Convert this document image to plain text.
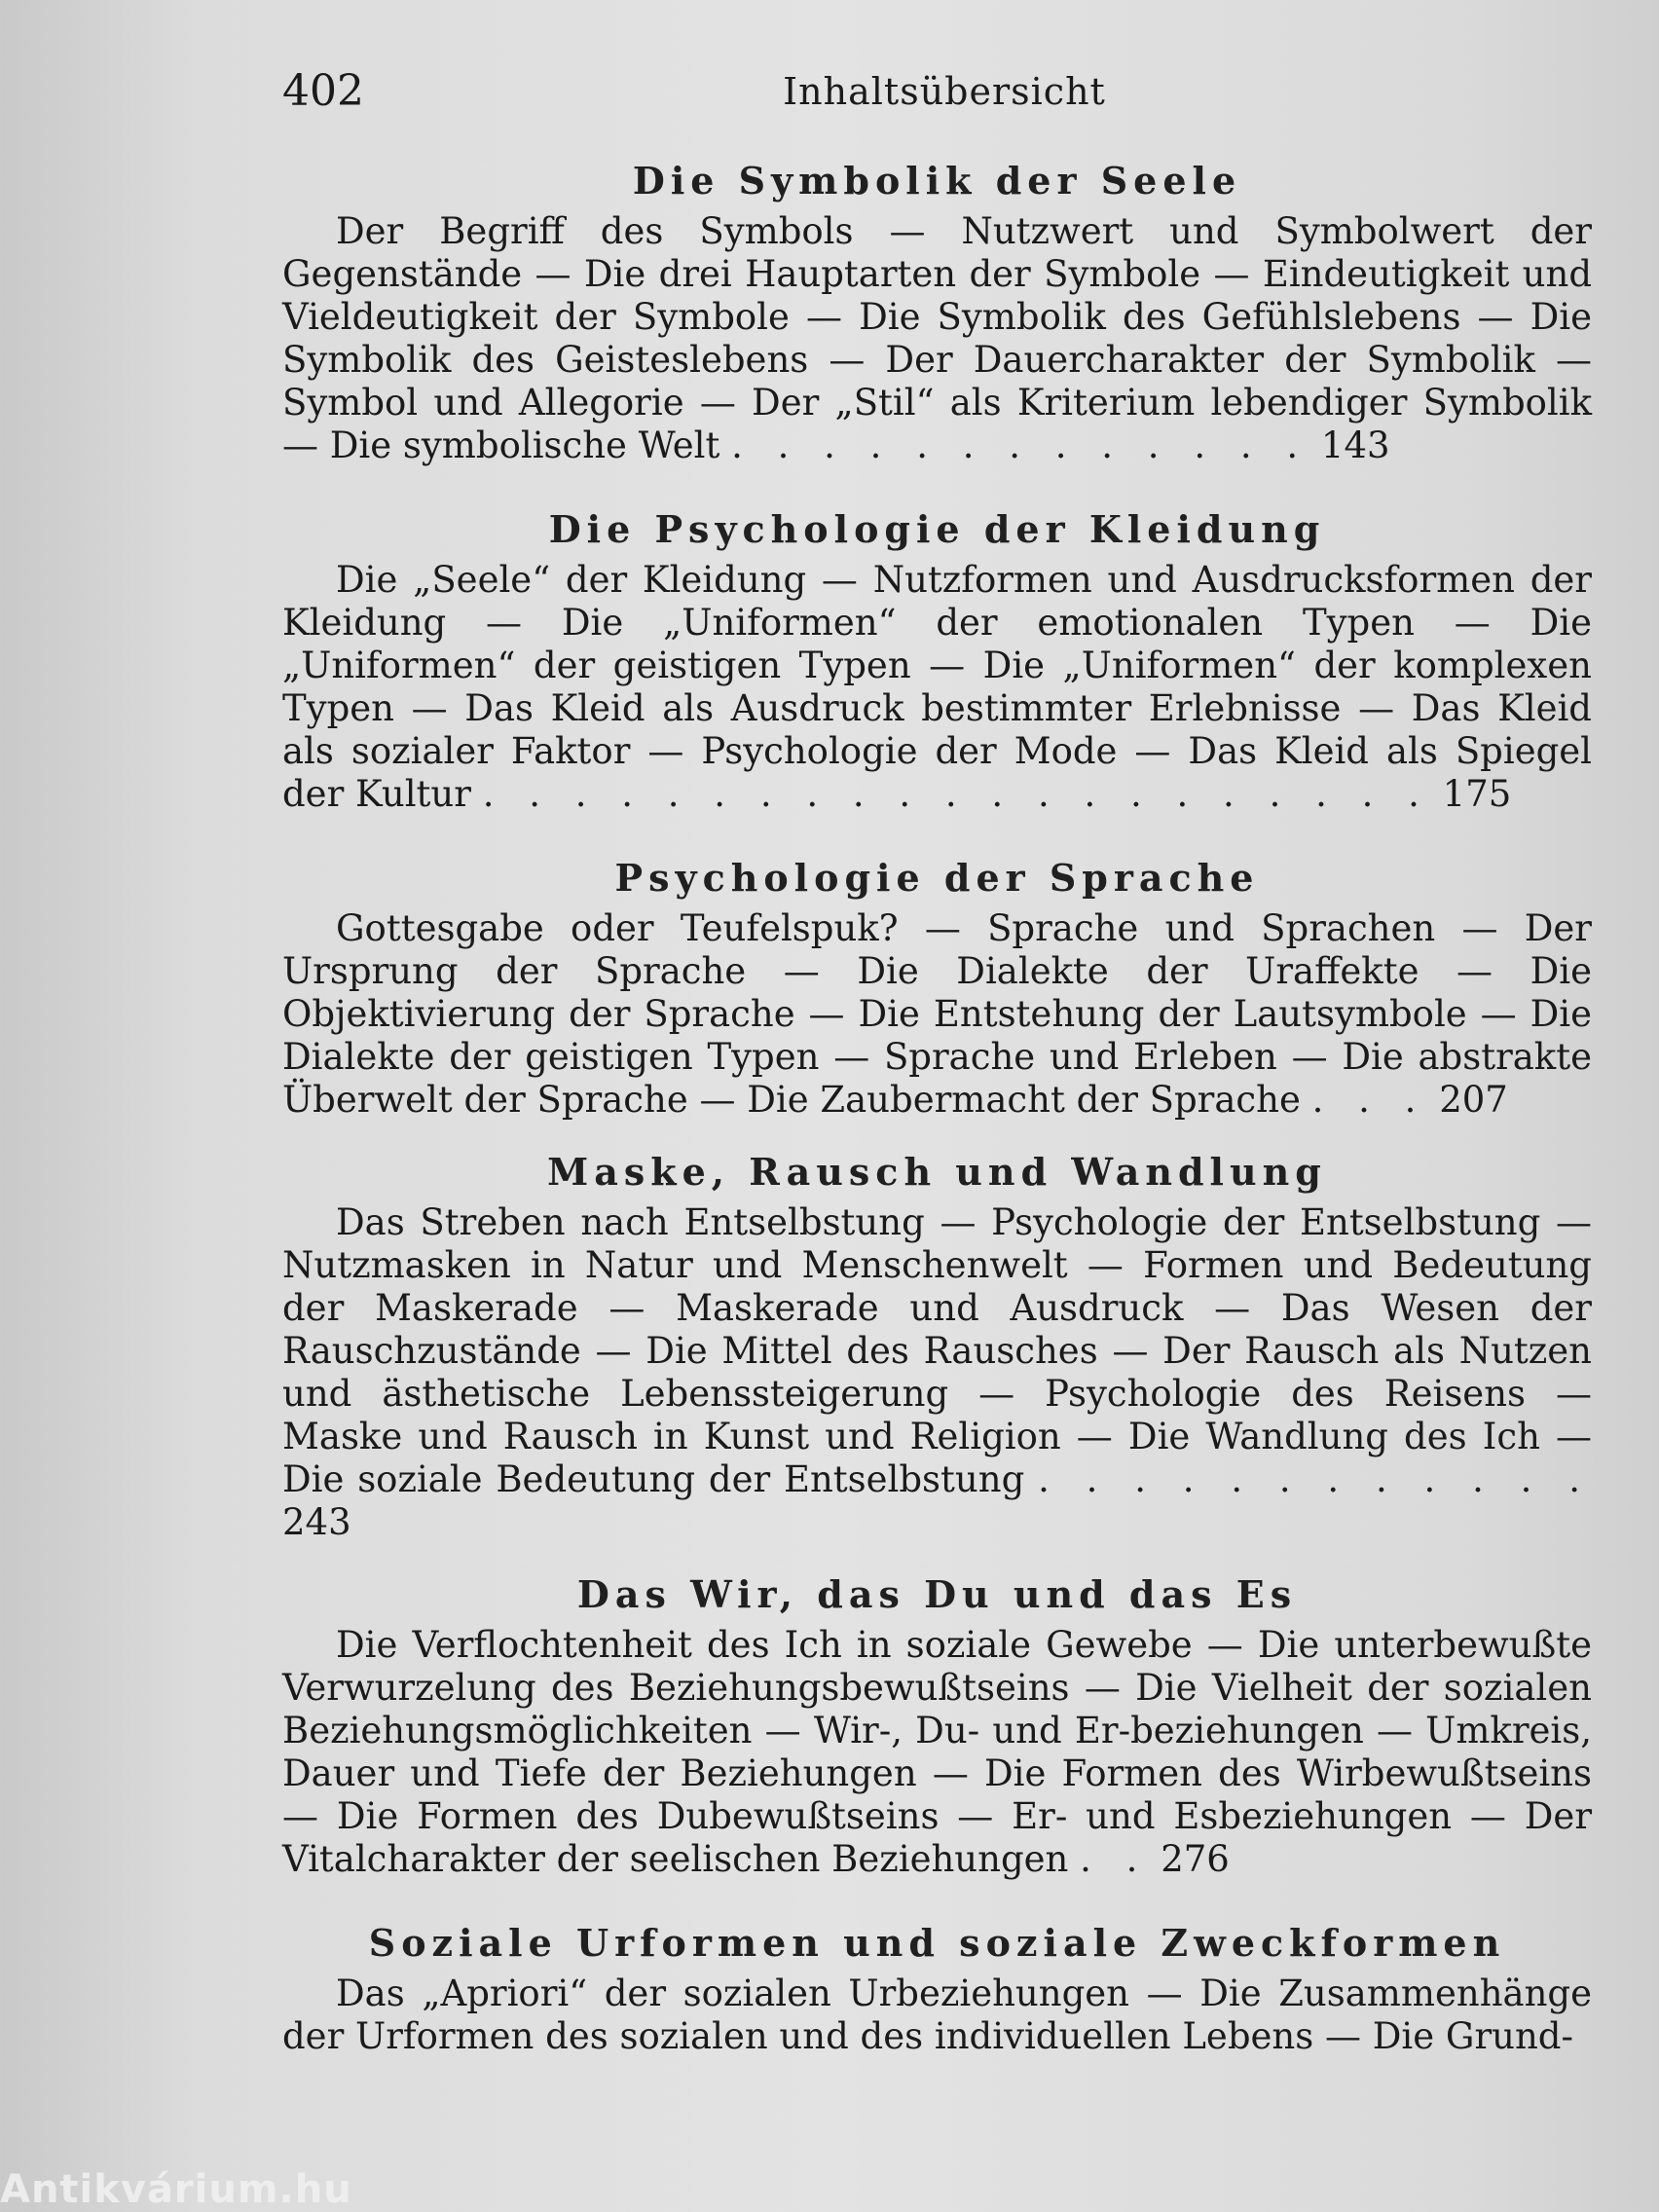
402	Inhaltsübersicht
Die Symbolik der Seele

Der Begriff des Symbols — Nutzwert und Symbolwert der Gegenstände — Die drei Hauptarten der Symbole — Eindeutigkeit und Vieldeutigkeit der Symbole — Die Symbolik des Gefühlslebens — Die Symbolik des Geisteslebens — Der Dauercharakter der Symbolik — Symbol und Allegorie — Der „Stil“ als Kriterium lebendiger Symbolik — Die symbolische Welt . . . . . . . . . . . . . 143

Die Psychologie der Kleidung

Die „Seele“ der Kleidung — Nutzformen und Ausdrucksformen der Kleidung — Die „Uniformen“ der emotionalen Typen — Die „Uniformen“ der geistigen Typen — Die „Uniformen“ der komplexen Typen — Das Kleid als Ausdruck bestimmter Erlebnisse — Das Kleid als sozialer Faktor — Psychologie der Mode — Das Kleid als Spiegel der Kultur . . . . . . . . . . . . . . . . . . . . . 175

Psychologie der Sprache

Gottesgabe oder Teufelspuk? — Sprache und Sprachen — Der Ursprung der Sprache — Die Dialekte der Uraffekte — Die Objektivierung der Sprache — Die Entstehung der Lautsymbole — Die Dialekte der geistigen Typen — Sprache und Erleben — Die abstrakte Überwelt der Sprache — Die Zaubermacht der Sprache . . . 207

Maske, Rausch und Wandlung

Das Streben nach Entselbstung — Psychologie der Entselbstung — Nutzmasken in Natur und Menschenwelt — Formen und Bedeutung der Maskerade — Maskerade und Ausdruck — Das Wesen der Rauschzustände — Die Mittel des Rausches — Der Rausch als Nutzen und ästhetische Lebenssteigerung — Psychologie des Reisens — Maske und Rausch in Kunst und Religion — Die Wandlung des Ich — Die soziale Bedeutung der Entselbstung . . . . . . . . . . . . 243

Das Wir, das Du und das Es

Die Verflochtenheit des Ich in soziale Gewebe — Die unterbewußte Verwurzelung des Beziehungsbewußtseins — Die Vielheit der sozialen Beziehungsmöglichkeiten — Wir-, Du- und Er-beziehungen — Umkreis, Dauer und Tiefe der Beziehungen — Die Formen des Wirbewußtseins — Die Formen des Dubewußtseins — Er- und Esbeziehungen — Der Vitalcharakter der seelischen Beziehungen . . 276

Soziale Urformen und soziale Zweckformen

Das „Apriori“ der sozialen Urbeziehungen — Die Zusammenhänge der Urformen des sozialen und des individuellen Lebens — Die Grund-

Antikvárium.hu
